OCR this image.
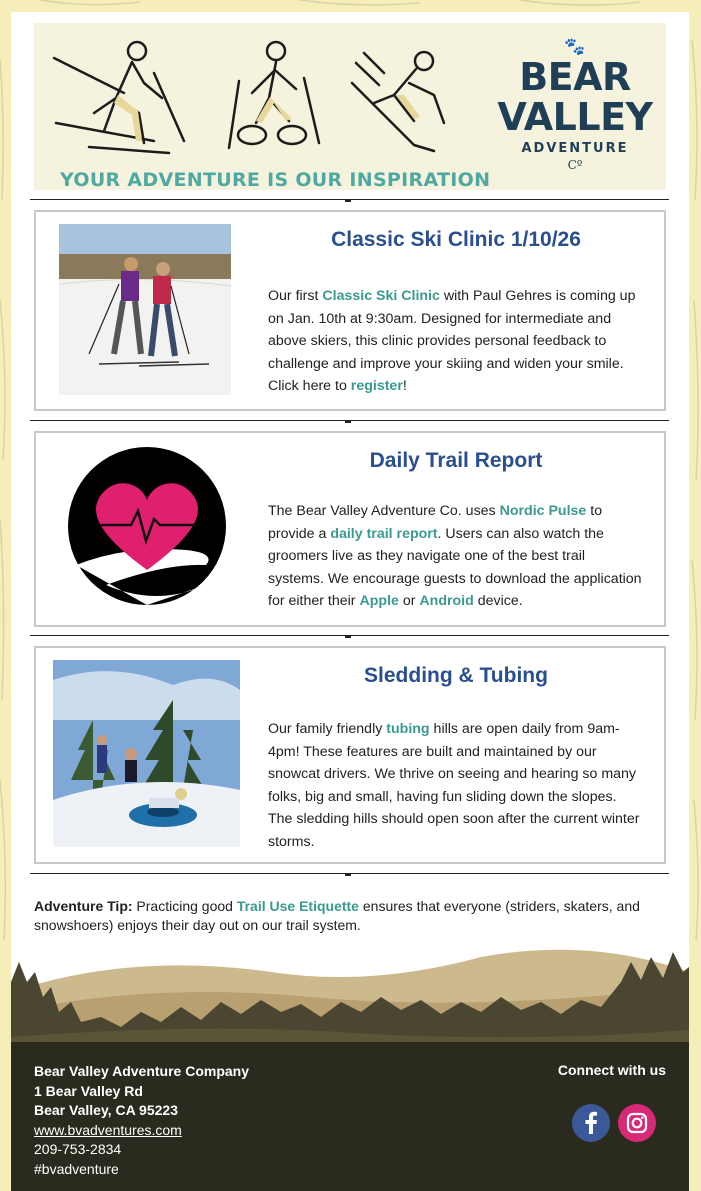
YOUR ADVENTURE IS OUR INSPIRATION
🐾
BEAR
VALLEY
ADVENTURE
Cº
Classic Ski Clinic 1/10/26

Our first Classic Ski Clinic with Paul Gehres is coming up on Jan. 10th at 9:30am. Designed for intermediate and above skiers, this clinic provides personal feedback to challenge and improve your skiing and widen your smile. Click here to register!

Daily Trail Report

The Bear Valley Adventure Co. uses Nordic Pulse to provide a daily trail report. Users can also watch the groomers live as they navigate one of the best trail systems. We encourage guests to download the application for either their Apple or Android device.

Sledding & Tubing

Our family friendly tubing hills are open daily from 9am-4pm! These features are built and maintained by our snowcat drivers. We thrive on seeing and hearing so many folks, big and small, having fun sliding down the slopes. The sledding hills should open soon after the current winter storms.

Adventure Tip: Practicing good Trail Use Etiquette ensures that everyone (striders, skaters, and snowshoers) enjoys their day out on our trail system.
Bear Valley Adventure Company
1 Bear Valley Rd
Bear Valley, CA 95223
www.bvadventures.com
209-753-2834
#bvadventure
Connect with us
